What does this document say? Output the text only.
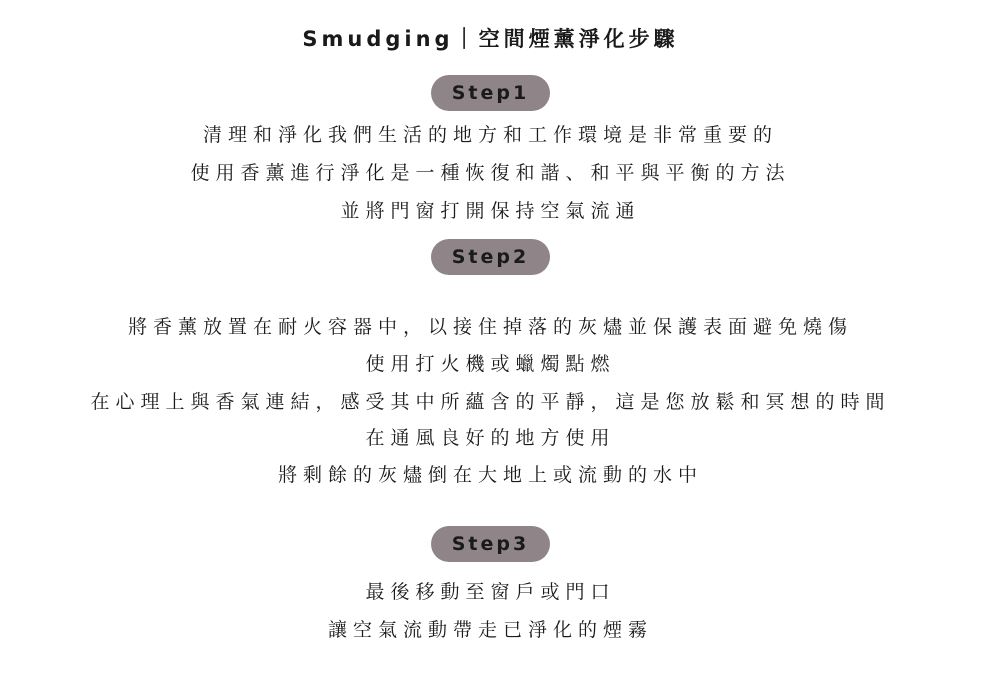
Smudging｜空間煙薰淨化步驟
Step1
清理和淨化我們生活的地方和工作環境是非常重要的
使用香薰進行淨化是一種恢復和諧、和平與平衡的方法
並將門窗打開保持空氣流通
Step2
將香薰放置在耐火容器中，以接住掉落的灰燼並保護表面避免燒傷
使用打火機或蠟燭點燃
在心理上與香氣連結，感受其中所蘊含的平靜，這是您放鬆和冥想的時間
在通風良好的地方使用
將剩餘的灰燼倒在大地上或流動的水中
Step3
最後移動至窗戶或門口
讓空氣流動帶走已淨化的煙霧
